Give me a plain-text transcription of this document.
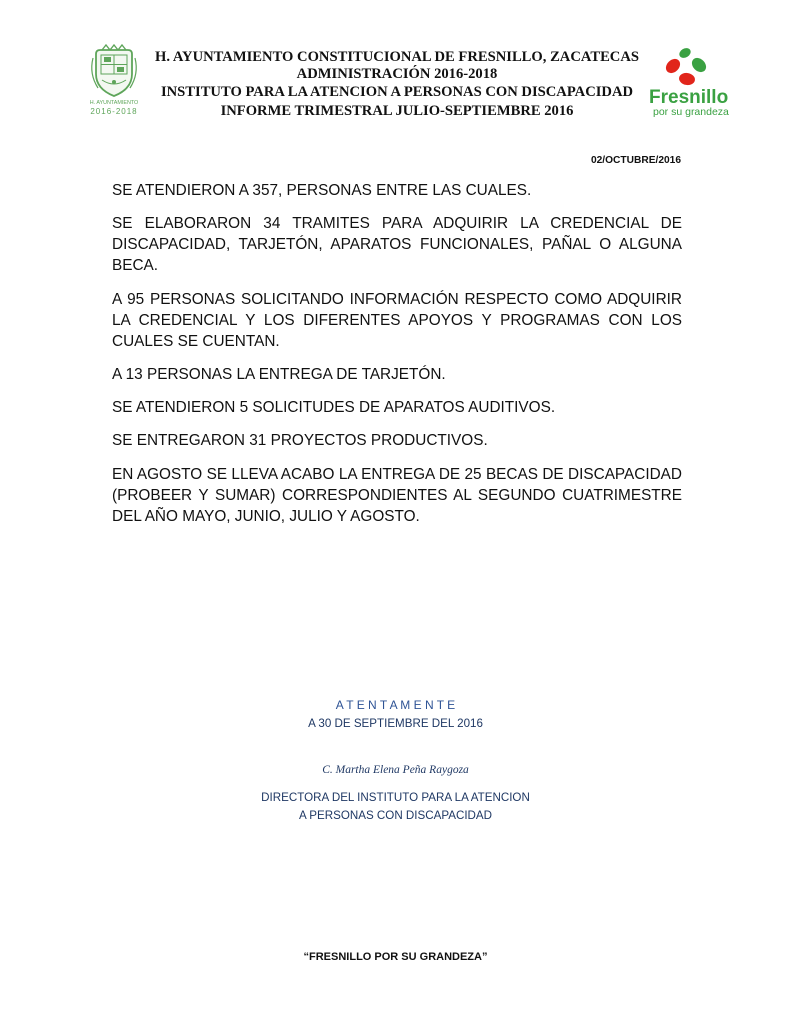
H. AYUNTAMIENTO
2016-2018
H. AYUNTAMIENTO CONSTITUCIONAL DE FRESNILLO, ZACATECAS
ADMINISTRACIÓN 2016-2018
INSTITUTO PARA LA ATENCION A PERSONAS CON DISCAPACIDAD
INFORME TRIMESTRAL JULIO-SEPTIEMBRE 2016
Fresnillo
por su grandeza
02/OCTUBRE/2016

SE ATENDIERON A 357, PERSONAS ENTRE LAS CUALES.

SE ELABORARON 34 TRAMITES PARA ADQUIRIR LA CREDENCIAL DE DISCAPACIDAD, TARJETÓN, APARATOS FUNCIONALES, PAÑAL O ALGUNA BECA.

A 95 PERSONAS SOLICITANDO INFORMACIÓN RESPECTO COMO ADQUIRIR LA CREDENCIAL Y LOS DIFERENTES APOYOS Y PROGRAMAS CON LOS CUALES SE CUENTAN.

A 13 PERSONAS LA ENTREGA DE TARJETÓN.

SE ATENDIERON 5 SOLICITUDES DE APARATOS AUDITIVOS.

SE ENTREGARON 31 PROYECTOS PRODUCTIVOS.

EN AGOSTO SE LLEVA ACABO LA ENTREGA DE 25 BECAS DE DISCAPACIDAD (PROBEER Y SUMAR) CORRESPONDIENTES AL SEGUNDO CUATRIMESTRE DEL AÑO MAYO, JUNIO, JULIO Y AGOSTO.

A T E N T A M E N T E
A 30 DE SEPTIEMBRE DEL 2016
C. Martha Elena Peña Raygoza
DIRECTORA DEL INSTITUTO PARA LA ATENCION
A PERSONAS CON DISCAPACIDAD
“FRESNILLO POR SU GRANDEZA”
